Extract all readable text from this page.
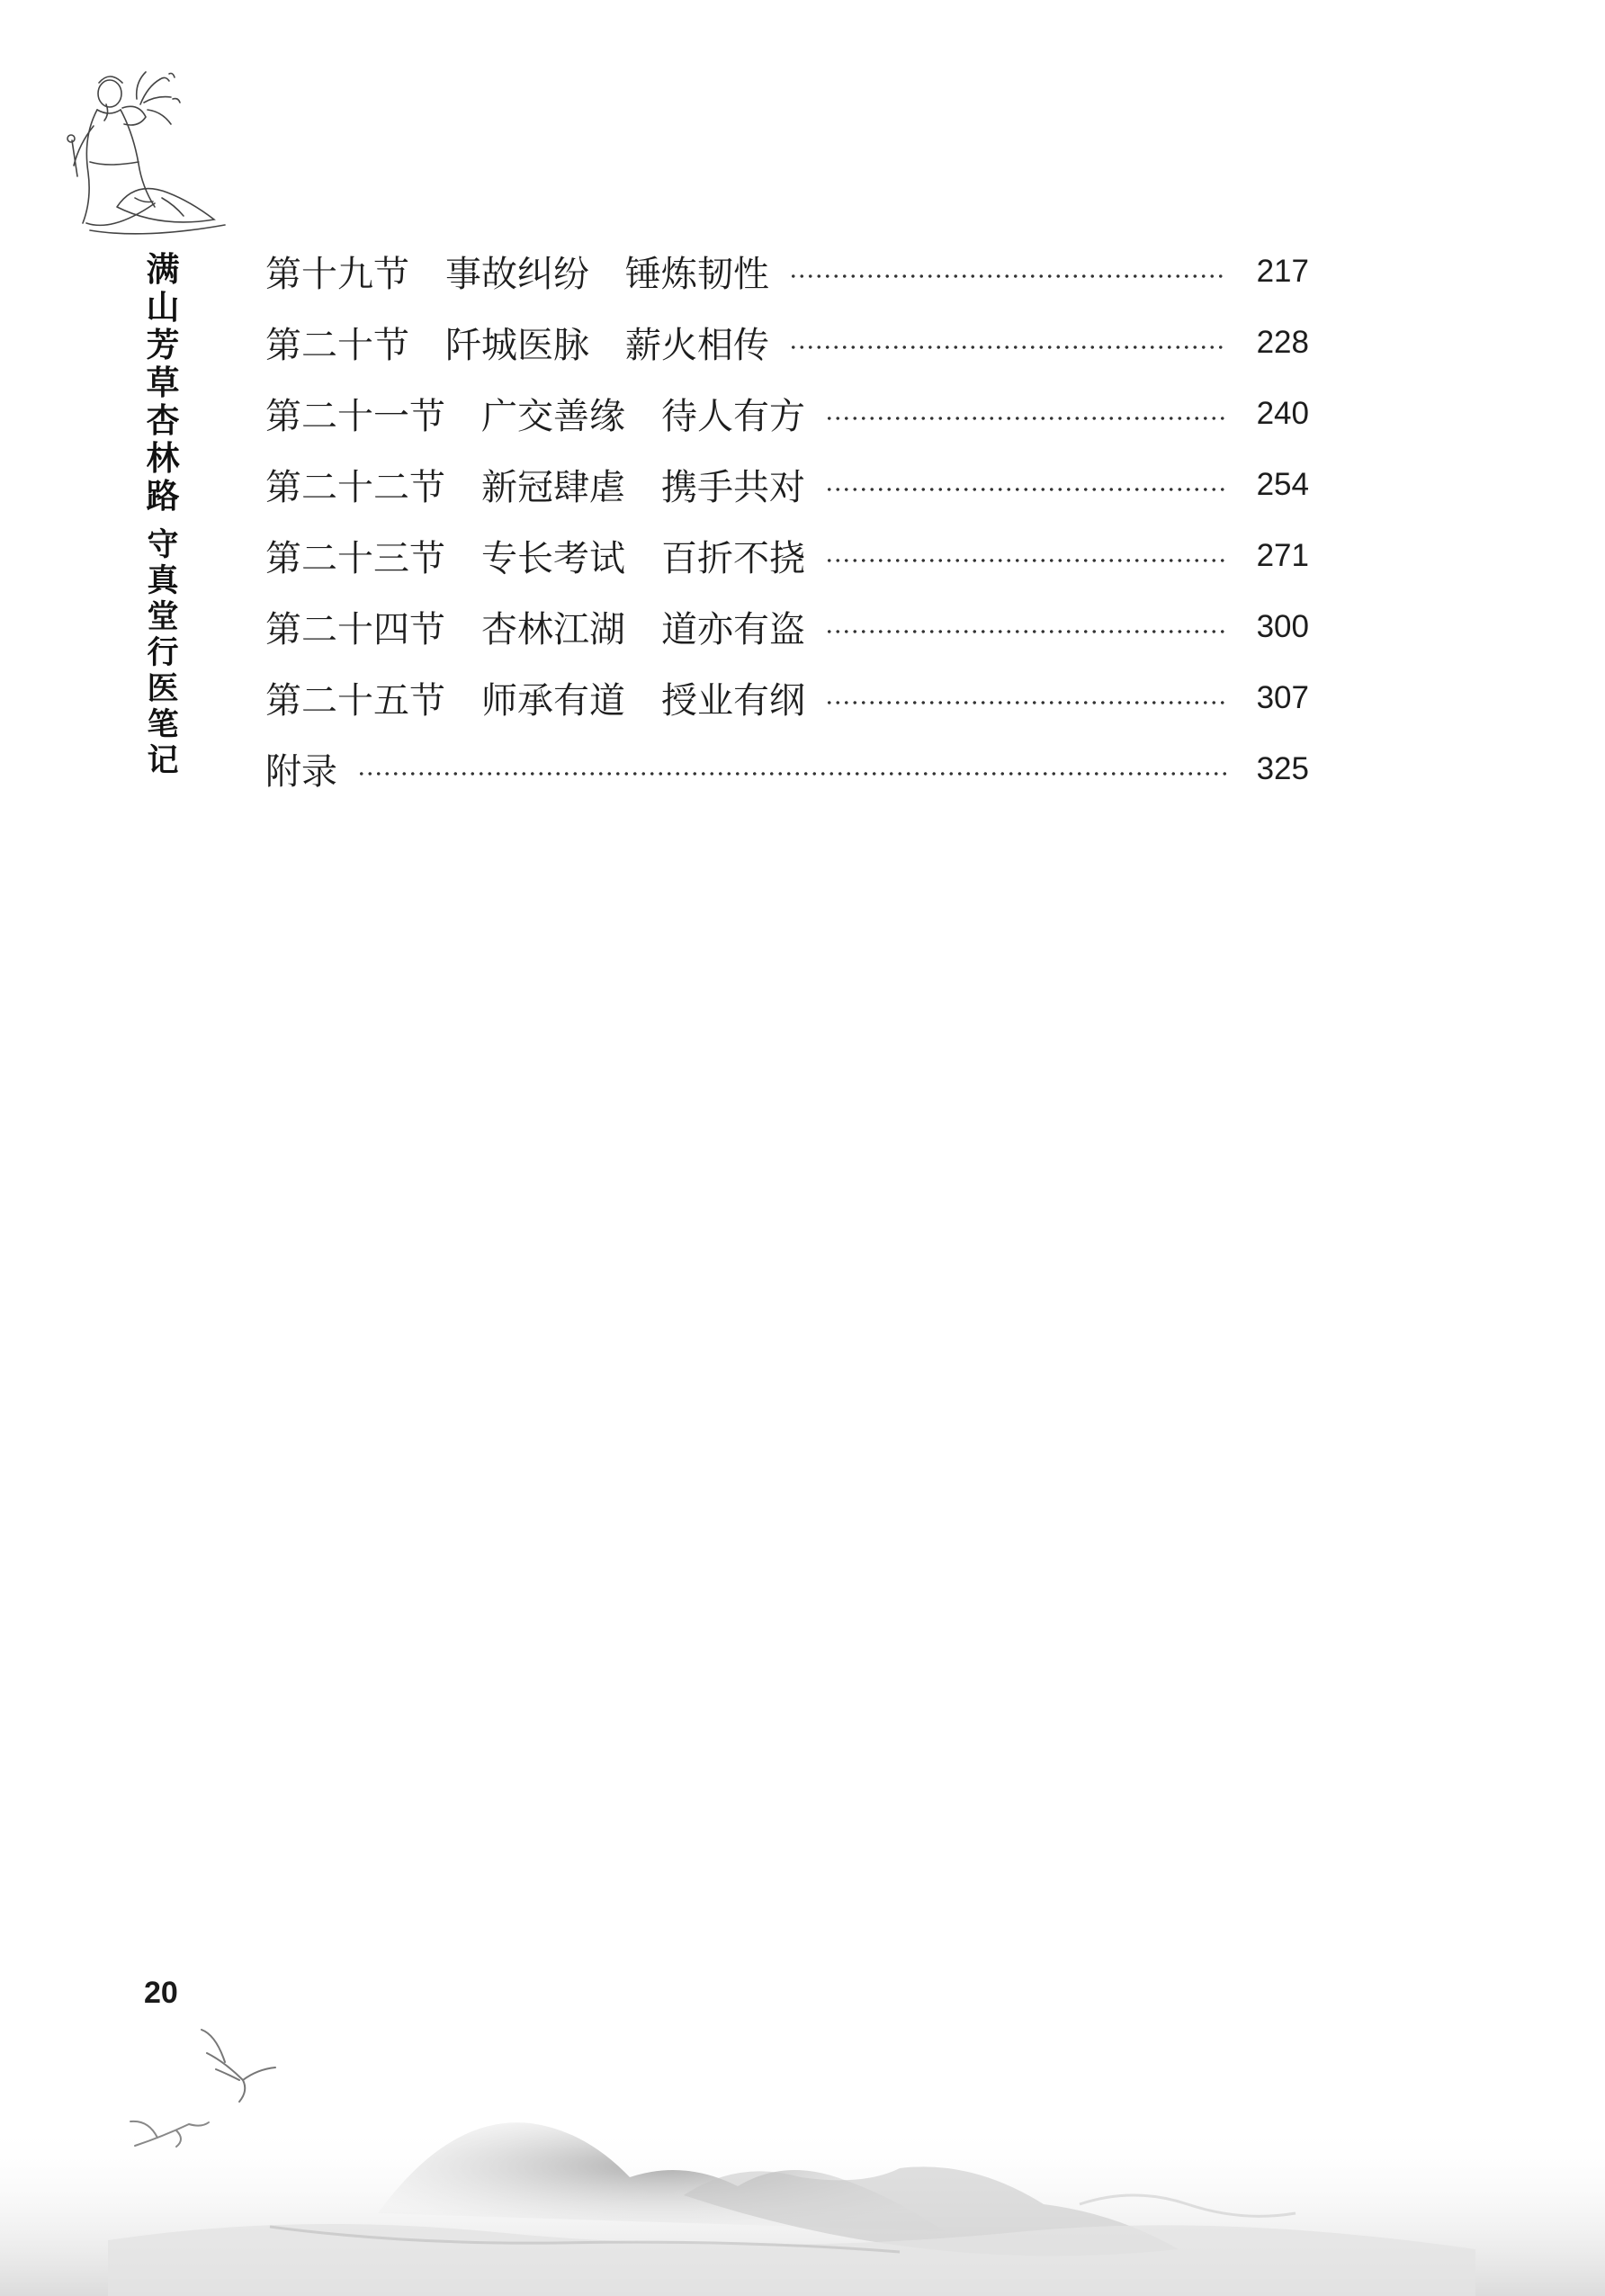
满
山
芳
草
杏
林
路
守
真
堂
行
医
笔
记
第十九节 事故纠纷 锤炼韧性	217
第二十节 阡城医脉 薪火相传	228
第二十一节 广交善缘 待人有方	240
第二十二节 新冠肆虐 携手共对	254
第二十三节 专长考试 百折不挠	271
第二十四节 杏林江湖 道亦有盗	300
第二十五节 师承有道 授业有纲	307
附录	325
20
